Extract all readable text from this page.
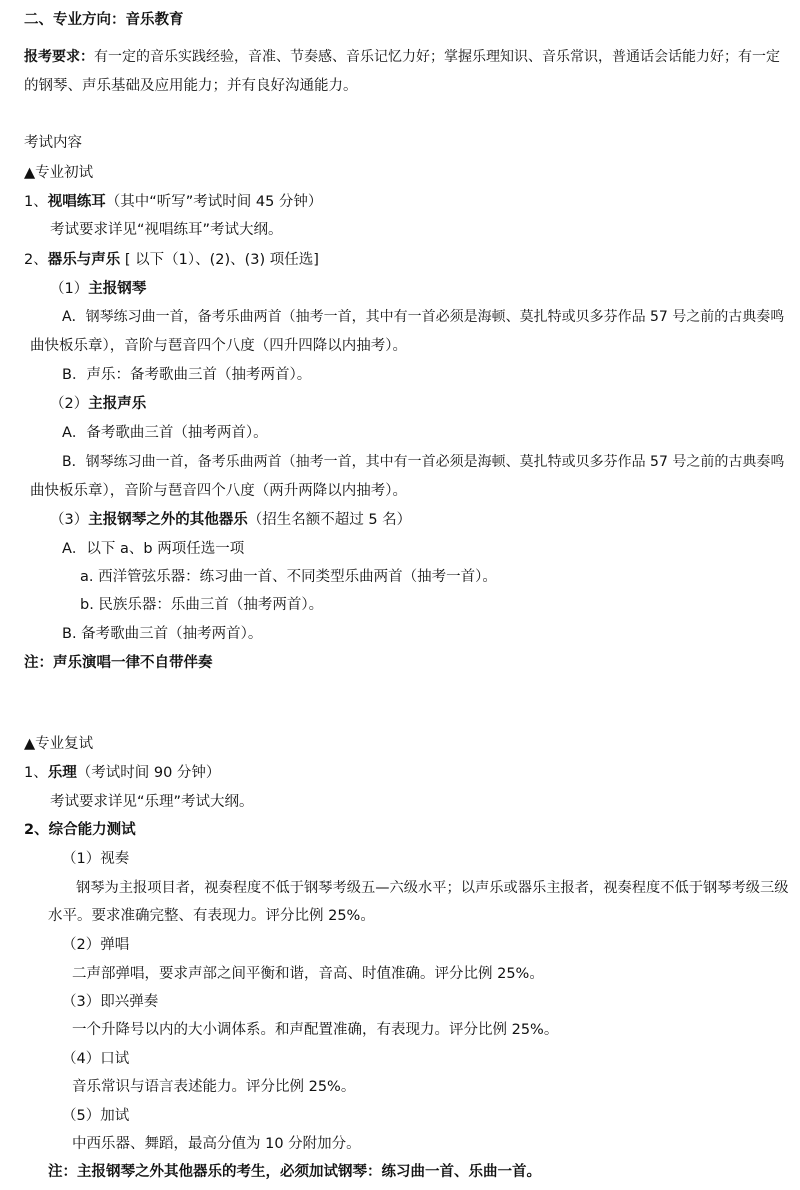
二、专业方向：音乐教育
报考要求：有一定的音乐实践经验，音准、节奏感、音乐记忆力好；掌握乐理知识、音乐常识，普通话会话能力好；有一定
的钢琴、声乐基础及应用能力；并有良好沟通能力。
考试内容
▲专业初试
1、视唱练耳（其中“听写”考试时间 45 分钟）
考试要求详见“视唱练耳”考试大纲。
2、器乐与声乐 [ 以下（1）、(2)、(3) 项任选]
（1）主报钢琴
A．钢琴练习曲一首，备考乐曲两首（抽考一首，其中有一首必须是海顿、莫扎特或贝多芬作品 57 号之前的古典奏鸣
曲快板乐章），音阶与琶音四个八度（四升四降以内抽考）。
B．声乐：备考歌曲三首（抽考两首）。
（2）主报声乐
A．备考歌曲三首（抽考两首）。
B．钢琴练习曲一首，备考乐曲两首（抽考一首，其中有一首必须是海顿、莫扎特或贝多芬作品 57 号之前的古典奏鸣
曲快板乐章），音阶与琶音四个八度（两升两降以内抽考）。
（3）主报钢琴之外的其他器乐（招生名额不超过 5 名）
A．以下 a、b 两项任选一项
a. 西洋管弦乐器：练习曲一首、不同类型乐曲两首（抽考一首）。
b. 民族乐器：乐曲三首（抽考两首）。
B. 备考歌曲三首（抽考两首）。
注：声乐演唱一律不自带伴奏
▲专业复试
1、乐理（考试时间 90 分钟）
考试要求详见“乐理”考试大纲。
2、综合能力测试
（1）视奏
钢琴为主报项目者，视奏程度不低于钢琴考级五—六级水平；以声乐或器乐主报者，视奏程度不低于钢琴考级三级
水平。要求准确完整、有表现力。评分比例 25%。
（2）弹唱
二声部弹唱，要求声部之间平衡和谐，音高、时值准确。评分比例 25%。
（3）即兴弹奏
一个升降号以内的大小调体系。和声配置准确，有表现力。评分比例 25%。
（4）口试
音乐常识与语言表述能力。评分比例 25%。
（5）加试
中西乐器、舞蹈，最高分值为 10 分附加分。
注：主报钢琴之外其他器乐的考生，必须加试钢琴：练习曲一首、乐曲一首。
